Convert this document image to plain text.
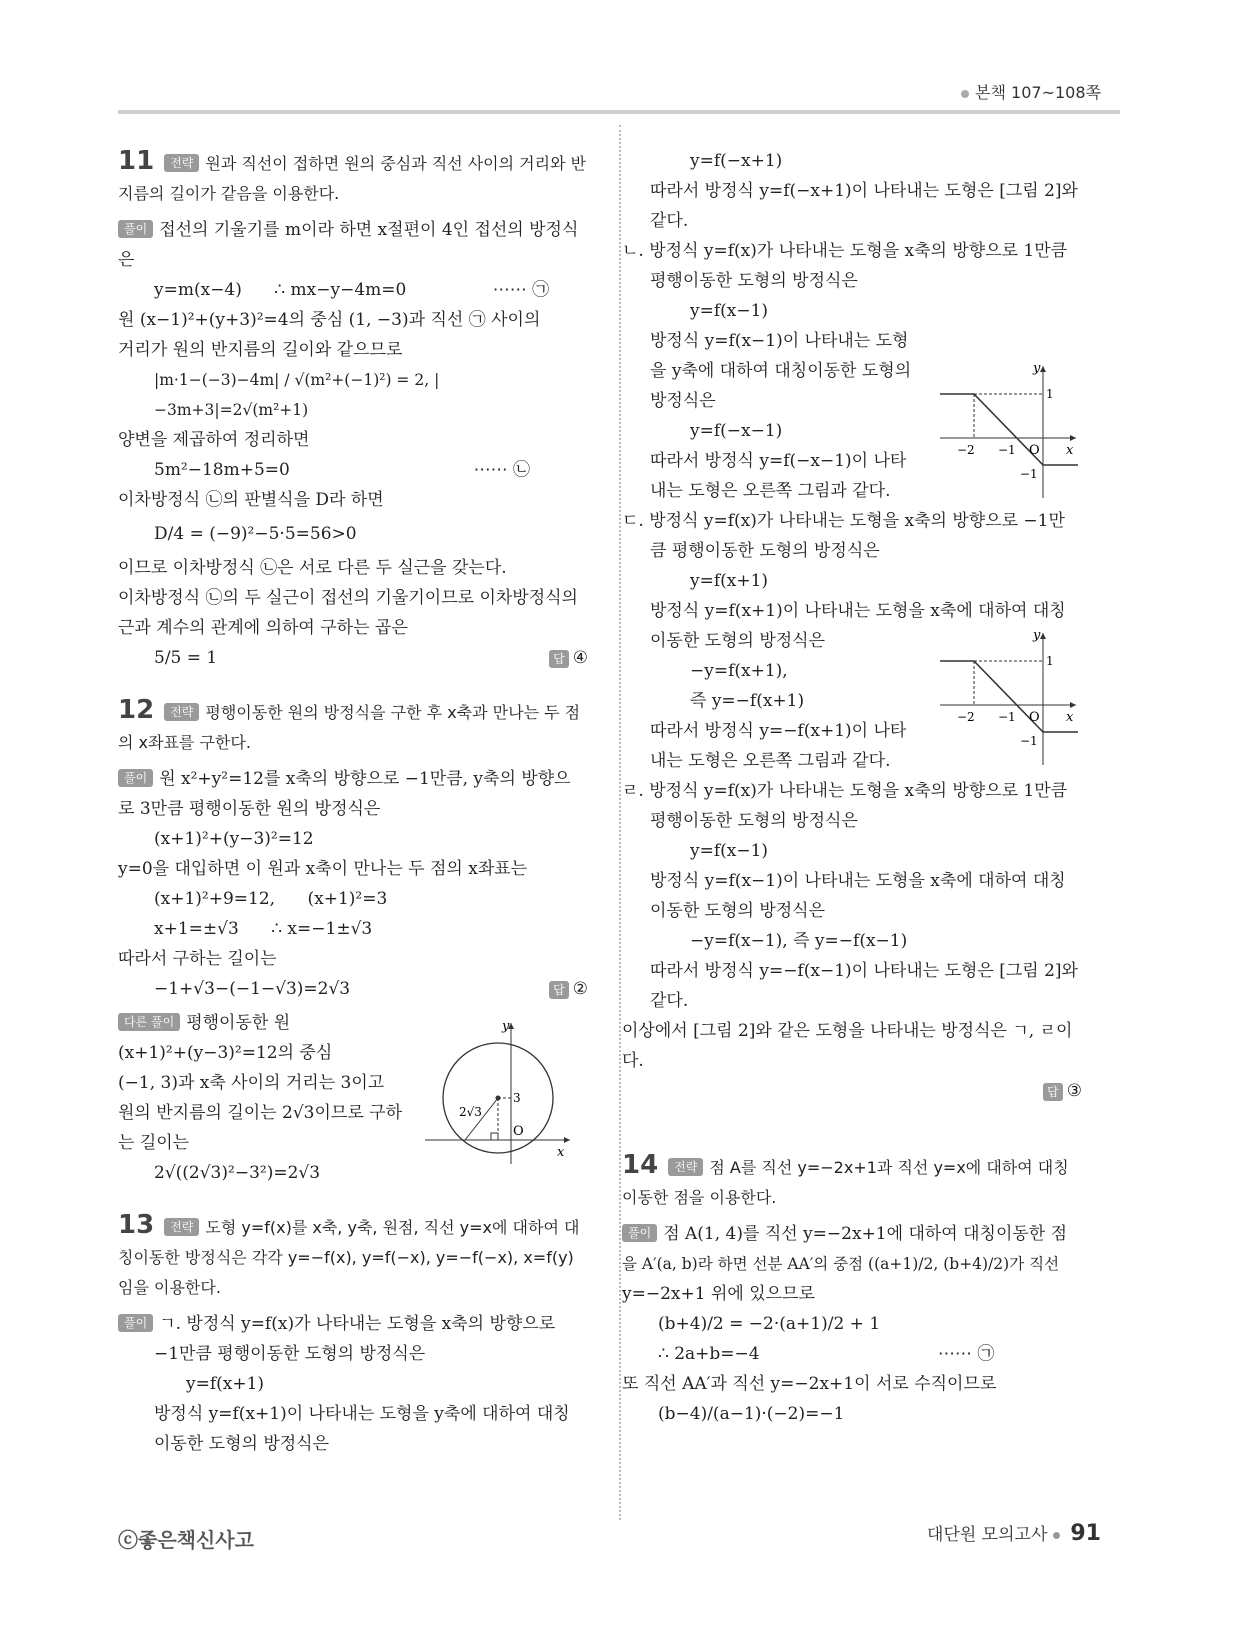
본책 107~108쪽
11 전략 원과 직선이 접하면 원의 중심과 직선 사이의 거리와 반지름의 길이가 같음을 이용한다.
풀이 접선의 기울기를 m이라 하면 x절편이 4인 접선의 방정식은
y=m(x−4)      ∴ mx−y−4m=0                ⋯⋯ ㉠
원 (x−1)²+(y+3)²=4의 중심 (1, −3)과 직선 ㉠ 사이의
거리가 원의 반지름의 길이와 같으므로
|m·1−(−3)−4m| / √(m²+(−1)²) = 2, |−3m+3|=2√(m²+1)
양변을 제곱하여 정리하면
5m²−18m+5=0                                  ⋯⋯ ㉡
이차방정식 ㉡의 판별식을 D라 하면
D/4 = (−9)²−5·5=56>0
이므로 이차방정식 ㉡은 서로 다른 두 실근을 갖는다.
이차방정식 ㉡의 두 실근이 접선의 기울기이므로 이차방정식의
근과 계수의 관계에 의하여 구하는 곱은
답 ④
5/5 = 1
12 전략 평행이동한 원의 방정식을 구한 후 x축과 만나는 두 점의 x좌표를 구한다.
풀이 원 x²+y²=12를 x축의 방향으로 −1만큼, y축의 방향으
로 3만큼 평행이동한 원의 방정식은
(x+1)²+(y−3)²=12
y=0을 대입하면 이 원과 x축이 만나는 두 점의 x좌표는
(x+1)²+9=12,      (x+1)²=3
x+1=±√3      ∴ x=−1±√3
따라서 구하는 길이는
답 ②
−1+√3−(−1−√3)=2√3
다른 풀이 평행이동한 원
(x+1)²+(y−3)²=12의 중심
(−1, 3)과 x축 사이의 거리는 3이고
원의 반지름의 길이는 2√3이므로 구하
는 길이는
2√((2√3)²−3²)=2√3
13 전략 도형 y=f(x)를 x축, y축, 원점, 직선 y=x에 대하여 대칭이동한 방정식은 각각 y=−f(x), y=f(−x), y=−f(−x), x=f(y)임을 이용한다.
풀이 ㄱ. 방정식 y=f(x)가 나타내는 도형을 x축의 방향으로
−1만큼 평행이동한 도형의 방정식은
y=f(x+1)
방정식 y=f(x+1)이 나타내는 도형을 y축에 대하여 대칭
이동한 도형의 방정식은
y
x
O
3
2√3
y=f(−x+1)
따라서 방정식 y=f(−x+1)이 나타내는 도형은 [그림 2]와
같다.
ㄴ. 방정식 y=f(x)가 나타내는 도형을 x축의 방향으로 1만큼
평행이동한 도형의 방정식은
y=f(x−1)
방정식 y=f(x−1)이 나타내는 도형
을 y축에 대하여 대칭이동한 도형의
방정식은
y=f(−x−1)
따라서 방정식 y=f(−x−1)이 나타
내는 도형은 오른쪽 그림과 같다.
ㄷ. 방정식 y=f(x)가 나타내는 도형을 x축의 방향으로 −1만
큼 평행이동한 도형의 방정식은
y=f(x+1)
방정식 y=f(x+1)이 나타내는 도형을 x축에 대하여 대칭
이동한 도형의 방정식은
−y=f(x+1),
즉 y=−f(x+1)
따라서 방정식 y=−f(x+1)이 나타
내는 도형은 오른쪽 그림과 같다.
ㄹ. 방정식 y=f(x)가 나타내는 도형을 x축의 방향으로 1만큼
평행이동한 도형의 방정식은
y=f(x−1)
방정식 y=f(x−1)이 나타내는 도형을 x축에 대하여 대칭
이동한 도형의 방정식은
−y=f(x−1), 즉 y=−f(x−1)
따라서 방정식 y=−f(x−1)이 나타내는 도형은 [그림 2]와
같다.
이상에서 [그림 2]와 같은 도형을 나타내는 방정식은 ㄱ, ㄹ이다.
답 ③
14 전략 점 A를 직선 y=−2x+1과 직선 y=x에 대하여 대칭이동한 점을 이용한다.
풀이 점 A(1, 4)를 직선 y=−2x+1에 대하여 대칭이동한 점
을 A′(a, b)라 하면 선분 AA′의 중점 ((a+1)/2, (b+4)/2)가 직선
y=−2x+1 위에 있으므로
(b+4)/2 = −2·(a+1)/2 + 1
∴ 2a+b=−4                                 ⋯⋯ ㉠
또 직선 AA′과 직선 y=−2x+1이 서로 수직이므로
(b−4)/(a−1)·(−2)=−1
y
x
1
−2 −1 O
−1
y
x
1
−2 −1 O
−1
ⓒ좋은책신사고	대단원 모의고사 91
